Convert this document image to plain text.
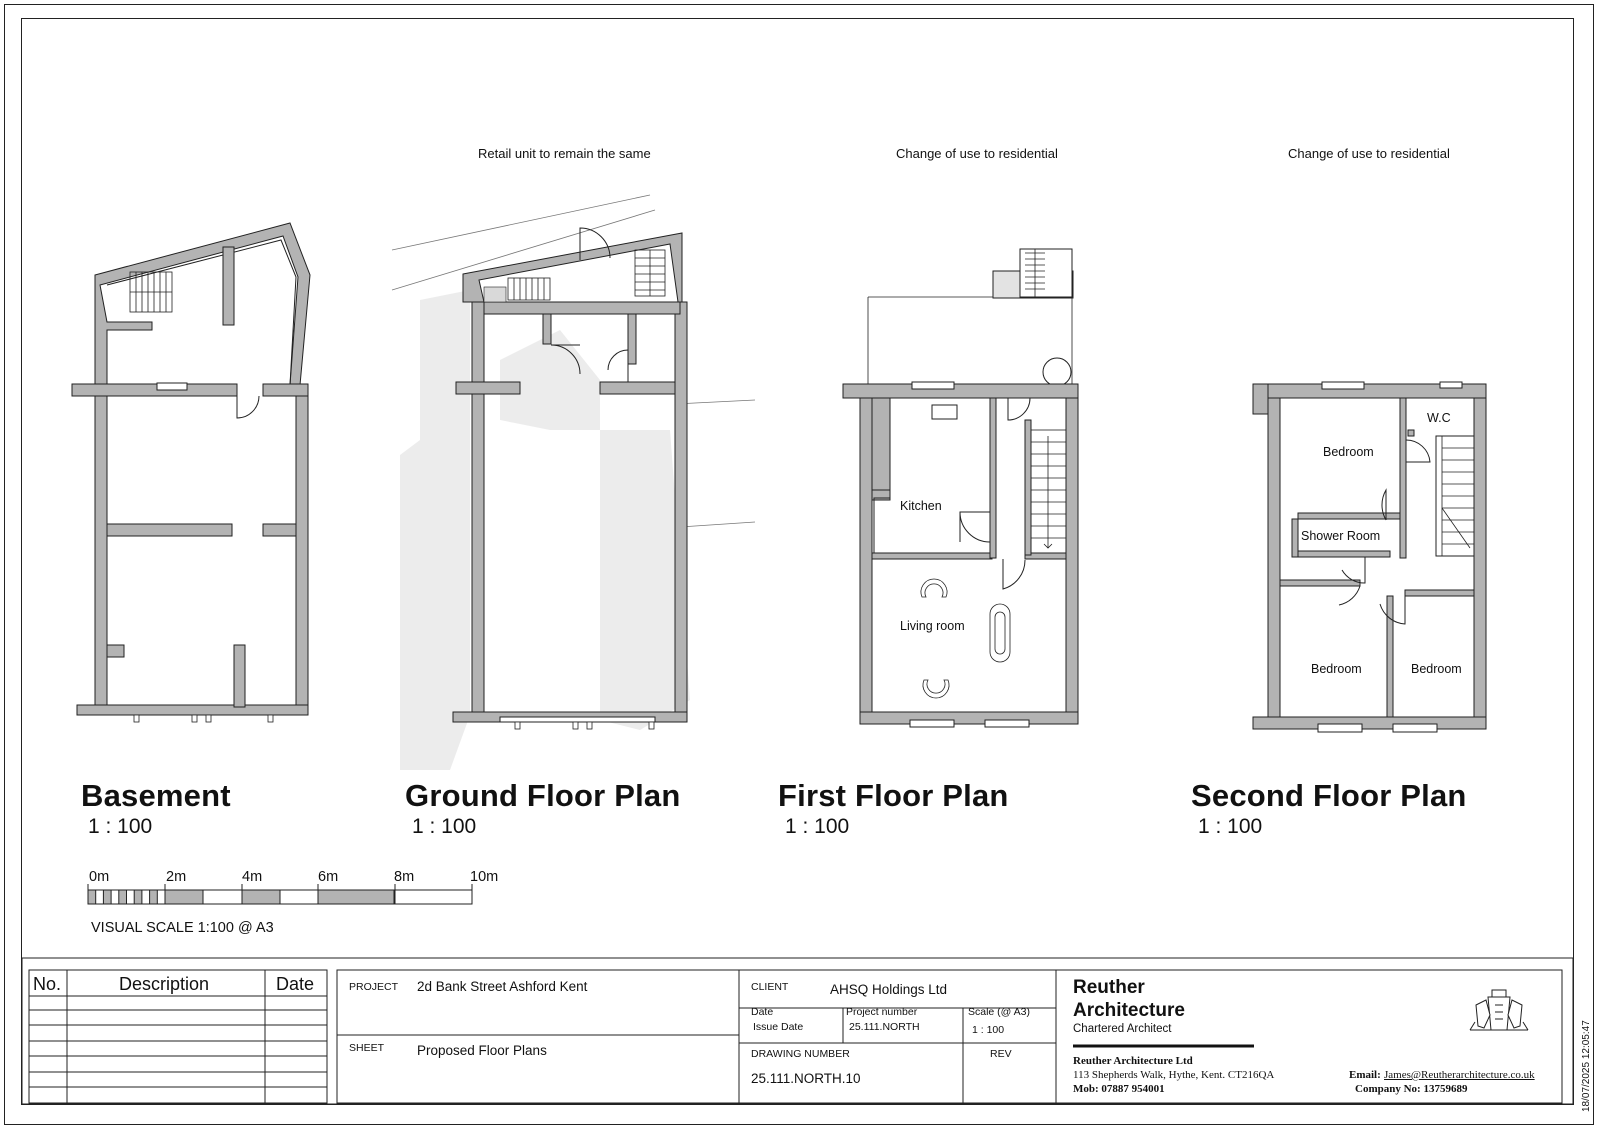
Retail unit to remain the same	Change of use to residential	Change of use to residential
Kitchen
Living room
W.C
Bedroom
Shower Room
Bedroom	Bedroom
Basement
1 : 100
Ground Floor Plan
1 : 100
First Floor Plan
1 : 100
Second Floor Plan
1 : 100
0m	2m	4m	6m	8m	10m
VISUAL SCALE 1:100 @ A3
No.	Description	Date	PROJECT 2d Bank Street Ashford Kent
SHEET Proposed Floor Plans
CLIENT	AHSQ Holdings Ltd
Date
Issue Date
Project number
25.111.NORTH
Scale (@ A3)
1 : 100
DRAWING NUMBER
25.111.NORTH.10
REV
Reuther
Architecture
Chartered Architect
Reuther Architecture Ltd
113 Shepherds Walk, Hythe, Kent. CT216QA
Mob: 07887 954001
Email: James@Reutherarchitecture.co.uk
Company No: 13759689	18/07/2025 12:05:47
